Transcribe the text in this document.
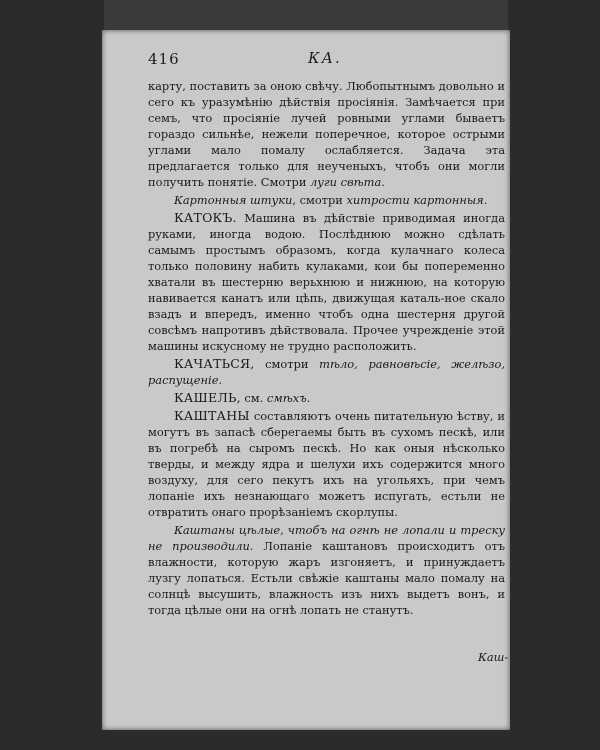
416	КА.

карту, поставить за оною свѣчу. Любопытнымъ довольно и сего къ уразумѣнію дѣйствія просіянія. Замѣчается при семъ, что просіяніе лучей ровными углами бываетъ гораздо сильнѣе, нежели поперечное, которое острыми углами мало помалу ослабляется. Задача эта предлагается только для неученыхъ, чтобъ они могли получить понятіе. Смотри луги свѣта.

Картонныя штуки, смотри хитрости картонныя.

КАТОКЪ. Машина въ дѣйствіе приводимая иногда руками, иногда водою. Послѣднюю можно сдѣлать самымъ простымъ образомъ, когда кулачнаго колеса только половину набить кулаками, кои бы попеременно хватали въ шестерню верьхнюю и нижнюю, на которую навивается канатъ или цѣпь, движущая каталь-ное скало взадъ и впередъ, именно чтобъ одна шестерня другой совсѣмъ напротивъ дѣйствовала. Прочее учрежденіе этой машины искусному не трудно расположить.

КАЧАТЬСЯ, смотри тѣло, равновѣсіе, желѣзо, распущеніе.

КАШЕЛЬ, см. смѣхъ.

КАШТАНЫ составляютъ очень питательную ѣству, и могутъ въ запасѣ сберегаемы быть въ сухомъ пескѣ, или въ погребѣ на сыромъ пескѣ. Но как оныя нѣсколько тверды, и между ядра и шелухи ихъ содержится много воздуху, для сего пекутъ ихъ на угольяхъ, при чемъ лопаніе ихъ незнающаго можетъ испугать, естьли не отвратить онаго прорѣзаніемъ скорлупы.

Каштаны цѣлые, чтобъ на огнѣ не лопали и треску не производили. Лопаніе каштановъ происходитъ отъ влажности, которую жаръ изгоняетъ, и принуждаетъ лузгу лопаться. Естьли свѣжіе каштаны мало помалу на солнцѣ высушить, влажность изъ нихъ выдетъ вонъ, и тогда цѣлые они на огнѣ лопать не станутъ.

Каш-
